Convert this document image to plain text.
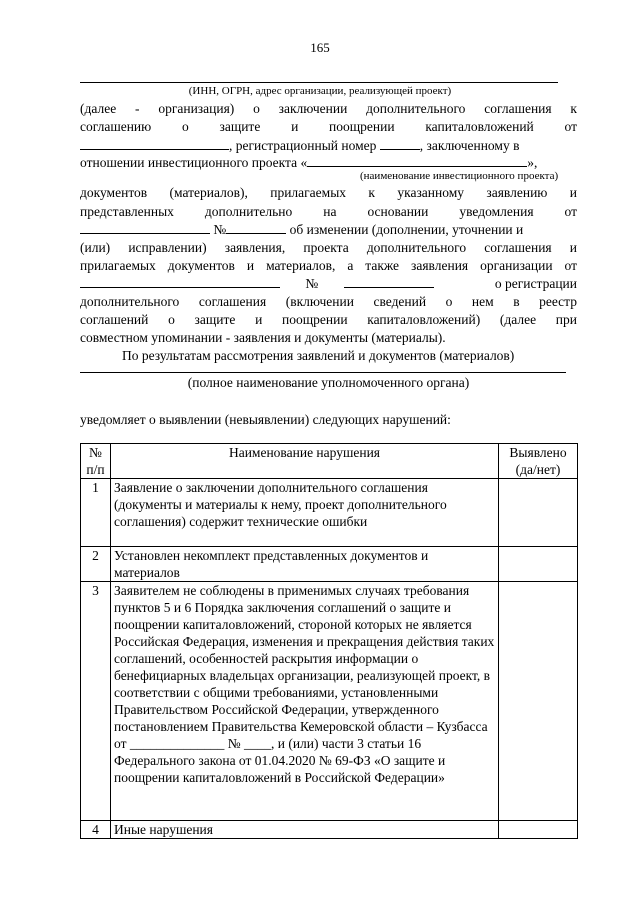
165
(ИНН, ОГРН, адрес организации, реализующей проект)
(далее - организация) о заключении дополнительного соглашения к
соглашению о защите и поощрении капиталовложений от
, регистрационный номер	, заключенному в
отношении инвестиционного проекта «	»,
(наименование инвестиционного проекта)
документов (материалов), прилагаемых к указанному заявлению и
представленных дополнительно на основании уведомления от
№	об изменении (дополнении, уточнении и
(или) исправлении) заявления, проекта дополнительного соглашения и
прилагаемых документов и материалов, а также заявления организации от
№	о регистрации
дополнительного соглашения (включении сведений о нем в реестр
соглашений о защите и поощрении капиталовложений) (далее при
совместном упоминании - заявления и документы (материалы).
По результатам рассмотрения заявлений и документов (материалов)
(полное наименование уполномоченного органа)
уведомляет о выявлении (невыявлении) следующих нарушений:
№ п/п	Наименование нарушения	Выявлено (да/нет)
1	Заявление о заключении дополнительного соглашения (документы и материалы к нему, проект дополнительного соглашения) содержит технические ошибки	
2	Установлен некомплект представленных документов и материалов	
3	Заявителем не соблюдены в применимых случаях требования пунктов 5 и 6 Порядка заключения соглашений о защите и поощрении капиталовложений, стороной которых не является Российская Федерация, изменения и прекращения действия таких соглашений, особенностей раскрытия информации о бенефициарных владельцах организации, реализующей проект, в соответствии с общими требованиями, установленными Правительством Российской Федерации, утвержденного постановлением Правительства Кемеровской области – Кузбасса от ______________ № ____, и (или) части 3 статьи 16 Федерального закона от 01.04.2020 № 69-ФЗ «О защите и поощрении капиталовложений в Российской Федерации»	
4	Иные нарушения	
